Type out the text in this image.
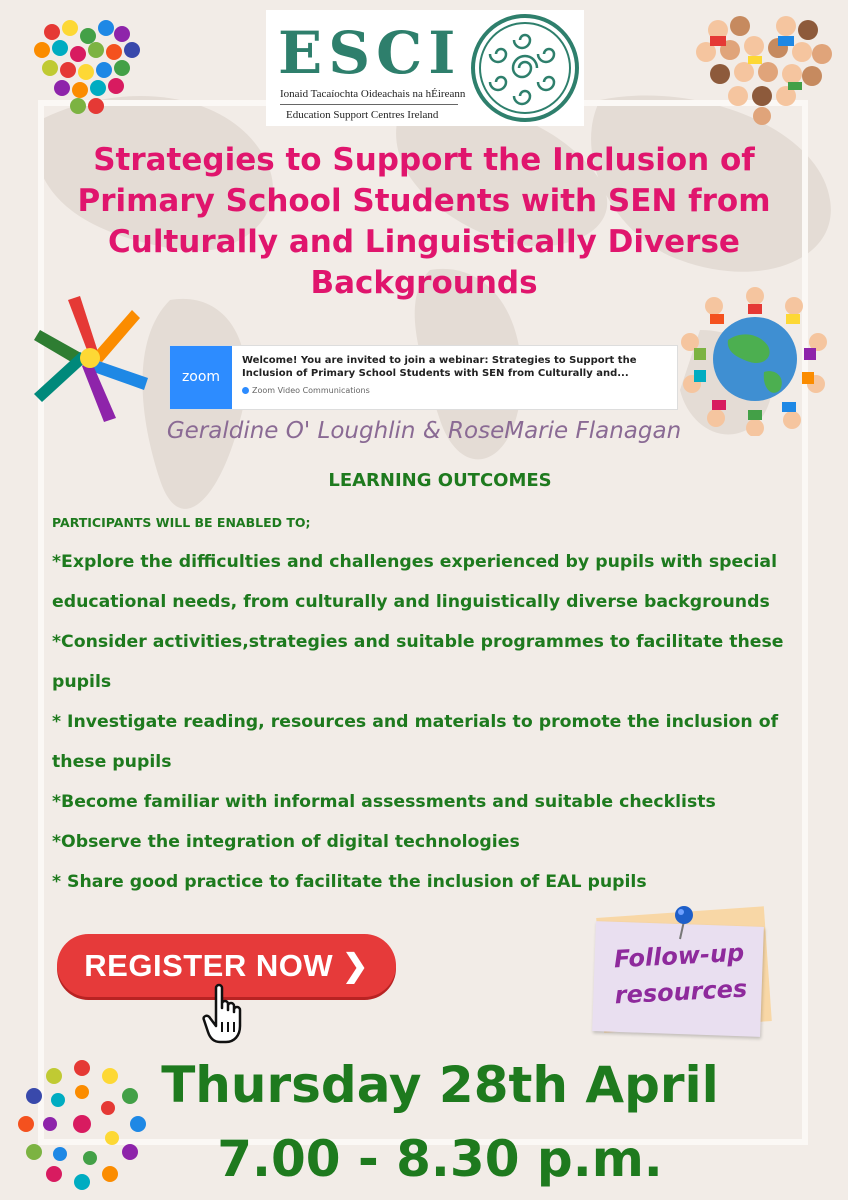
ESCI
Ionaid Tacaíochta Oideachais na hÉireann
Education Support Centres Ireland
Strategies to Support the Inclusion of Primary School Students with SEN from Culturally and Linguistically Diverse Backgrounds
zoom
Welcome! You are invited to join a webinar: Strategies to Support the Inclusion of Primary School Students with SEN from Culturally and...
Zoom Video Communications
Geraldine O' Loughlin & RoseMarie Flanagan
LEARNING OUTCOMES
PARTICIPANTS WILL BE ENABLED TO;
*Explore the difficulties and challenges experienced by pupils with special
educational needs, from culturally and linguistically diverse backgrounds
*Consider activities,strategies and suitable programmes to facilitate these
pupils
* Investigate reading, resources and materials to promote the inclusion of
these pupils
*Become familiar with informal assessments and suitable checklists
*Observe the integration of digital technologies
* Share good practice to facilitate the inclusion of EAL pupils
REGISTER NOW ❯	Follow-up
resources
Thursday 28th April
7.00 - 8.30 p.m.
